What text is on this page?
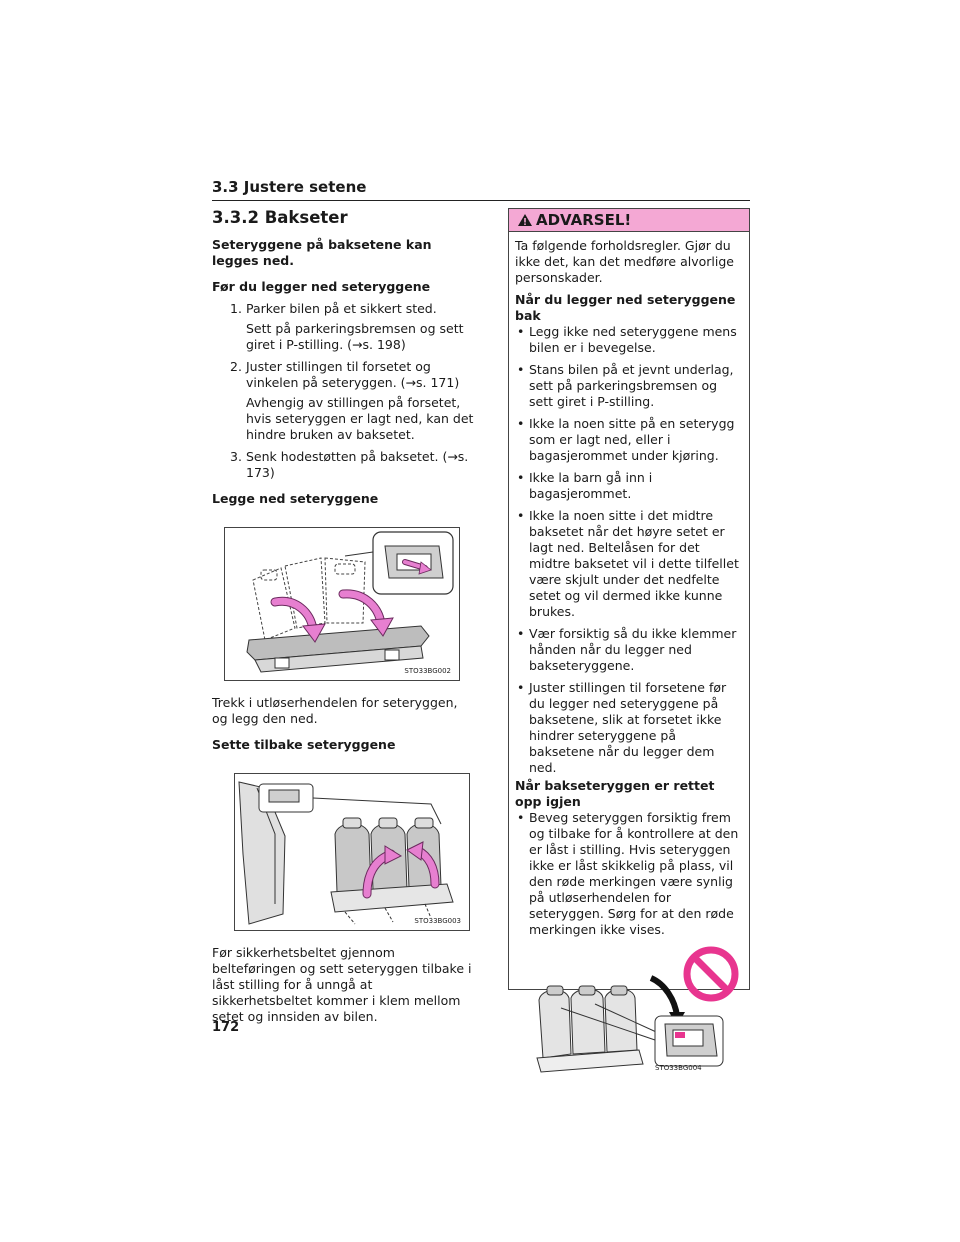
3.3 Justere setene
3.3.2 Bakseter

Seteryggene på baksetene kan legges ned.

Før du legger ned seteryggene

1. Parker bilen på et sikkert sted.

Sett på parkeringsbremsen og sett giret i P-stilling. (→s. 198)

2. Juster stillingen til forsetet og vinkelen på seteryggen. (→s. 171)

Avhengig av stillingen på forsetet, hvis seteryggen er lagt ned, kan det hindre bruken av baksetet.

3. Senk hodestøtten på baksetet. (→s. 173)

Legge ned seteryggene

STO33BG002

Trekk i utløserhendelen for seteryggen, og legg den ned.

Sette tilbake seteryggene

STO33BG003

Før sikkerhetsbeltet gjennom belteføringen og sett seteryggen tilbake i låst stilling for å unngå at sikkerhetsbeltet kommer i klem mellom setet og innsiden av bilen.

ADVARSEL!

Ta følgende forholdsregler. Gjør du ikke det, kan det medføre alvorlige personskader.

Når du legger ned seteryggene bak

• Legg ikke ned seteryggene mens bilen er i bevegelse.
• Stans bilen på et jevnt underlag, sett på parkeringsbremsen og sett giret i P-stilling.
• Ikke la noen sitte på en seterygg som er lagt ned, eller i bagasjerommet under kjøring.
• Ikke la barn gå inn i bagasjerommet.
• Ikke la noen sitte i det midtre baksetet når det høyre setet er lagt ned. Beltelåsen for det midtre baksetet vil i dette tilfellet være skjult under det nedfelte setet og vil dermed ikke kunne brukes.
• Vær forsiktig så du ikke klemmer hånden når du legger ned bakseteryggene.
• Juster stillingen til forsetene før du legger ned seteryggene på baksetene, slik at forsetet ikke hindrer seteryggene på baksetene når du legger dem ned.

Når bakseteryggen er rettet opp igjen

• Beveg seteryggen forsiktig frem og tilbake for å kontrollere at den er låst i stilling. Hvis seteryggen ikke er låst skikkelig på plass, vil den røde merkingen være synlig på utløserhendelen for seteryggen. Sørg for at den røde merkingen ikke vises.
STO33BG004
172
